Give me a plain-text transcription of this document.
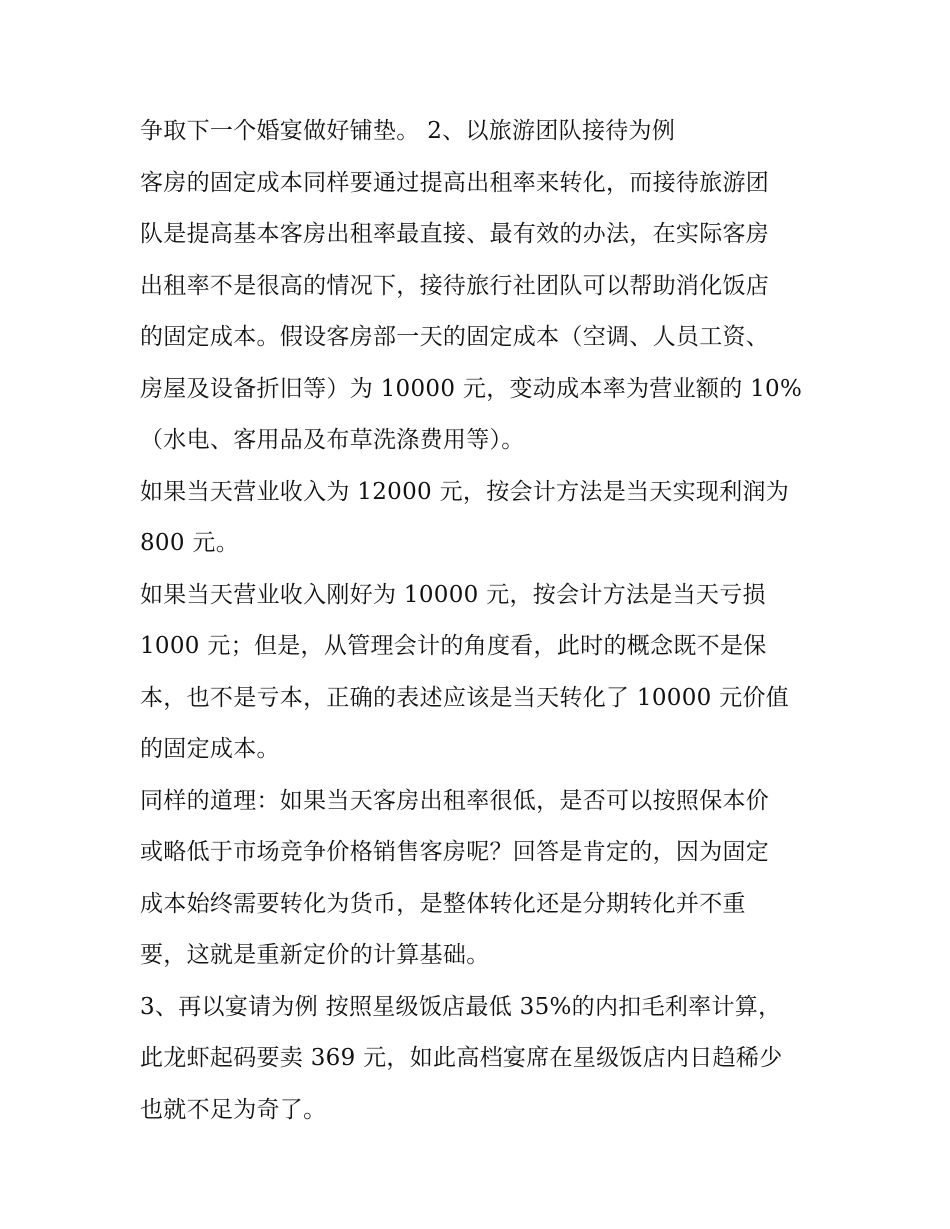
争取下一个婚宴做好铺垫。 2、以旅游团队接待为例
客房的固定成本同样要通过提高出租率来转化，而接待旅游团
队是提高基本客房出租率最直接、最有效的办法，在实际客房
出租率不是很高的情况下，接待旅行社团队可以帮助消化饭店
的固定成本。假设客房部一天的固定成本（空调、人员工资、
房屋及设备折旧等）为 10000 元，变动成本率为营业额的 10%
（水电、客用品及布草洗涤费用等）。
如果当天营业收入为 12000 元，按会计方法是当天实现利润为
800 元。
如果当天营业收入刚好为 10000 元，按会计方法是当天亏损
1000 元；但是，从管理会计的角度看，此时的概念既不是保
本，也不是亏本，正确的表述应该是当天转化了 10000 元价值
的固定成本。
同样的道理：如果当天客房出租率很低，是否可以按照保本价
或略低于市场竞争价格销售客房呢？回答是肯定的，因为固定
成本始终需要转化为货币，是整体转化还是分期转化并不重
要，这就是重新定价的计算基础。
3、再以宴请为例 按照星级饭店最低 35%的内扣毛利率计算，
此龙虾起码要卖 369 元，如此高档宴席在星级饭店内日趋稀少
也就不足为奇了。
